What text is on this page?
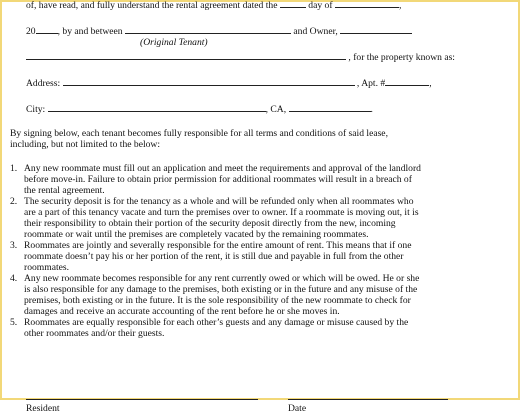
of, have read, and fully understand the rental agreement dated the	day of	,
20 , by and between	and Owner,
(Original Tenant)
, for the property known as:
Address:	, Apt. #	,
City:	, CA,	.
By signing below, each tenant becomes fully responsible for all terms and conditions of said lease,
including, but not limited to the below:
1. Any new roommate must fill out an application and meet the requirements and approval of the landlord
before move-in. Failure to obtain prior permission for additional roommates will result in a breach of
the rental agreement.
2. The security deposit is for the tenancy as a whole and will be refunded only when all roommates who
are a part of this tenancy vacate and turn the premises over to owner. If a roommate is moving out, it is
their responsibility to obtain their portion of the security deposit directly from the new, incoming
roommate or wait until the premises are completely vacated by the remaining roommates.
3. Roommates are jointly and severally responsible for the entire amount of rent. This means that if one
roommate doesn’t pay his or her portion of the rent, it is still due and payable in full from the other
roommates.
4. Any new roommate becomes responsible for any rent currently owed or which will be owed. He or she
is also responsible for any damage to the premises, both existing or in the future and any misuse of the
premises, both existing or in the future. It is the sole responsibility of the new roommate to check for
damages and receive an accurate accounting of the rent before he or she moves in.
5. Roommates are equally responsible for each other’s guests and any damage or misuse caused by the
other roommates and/or their guests.
Resident	Date
